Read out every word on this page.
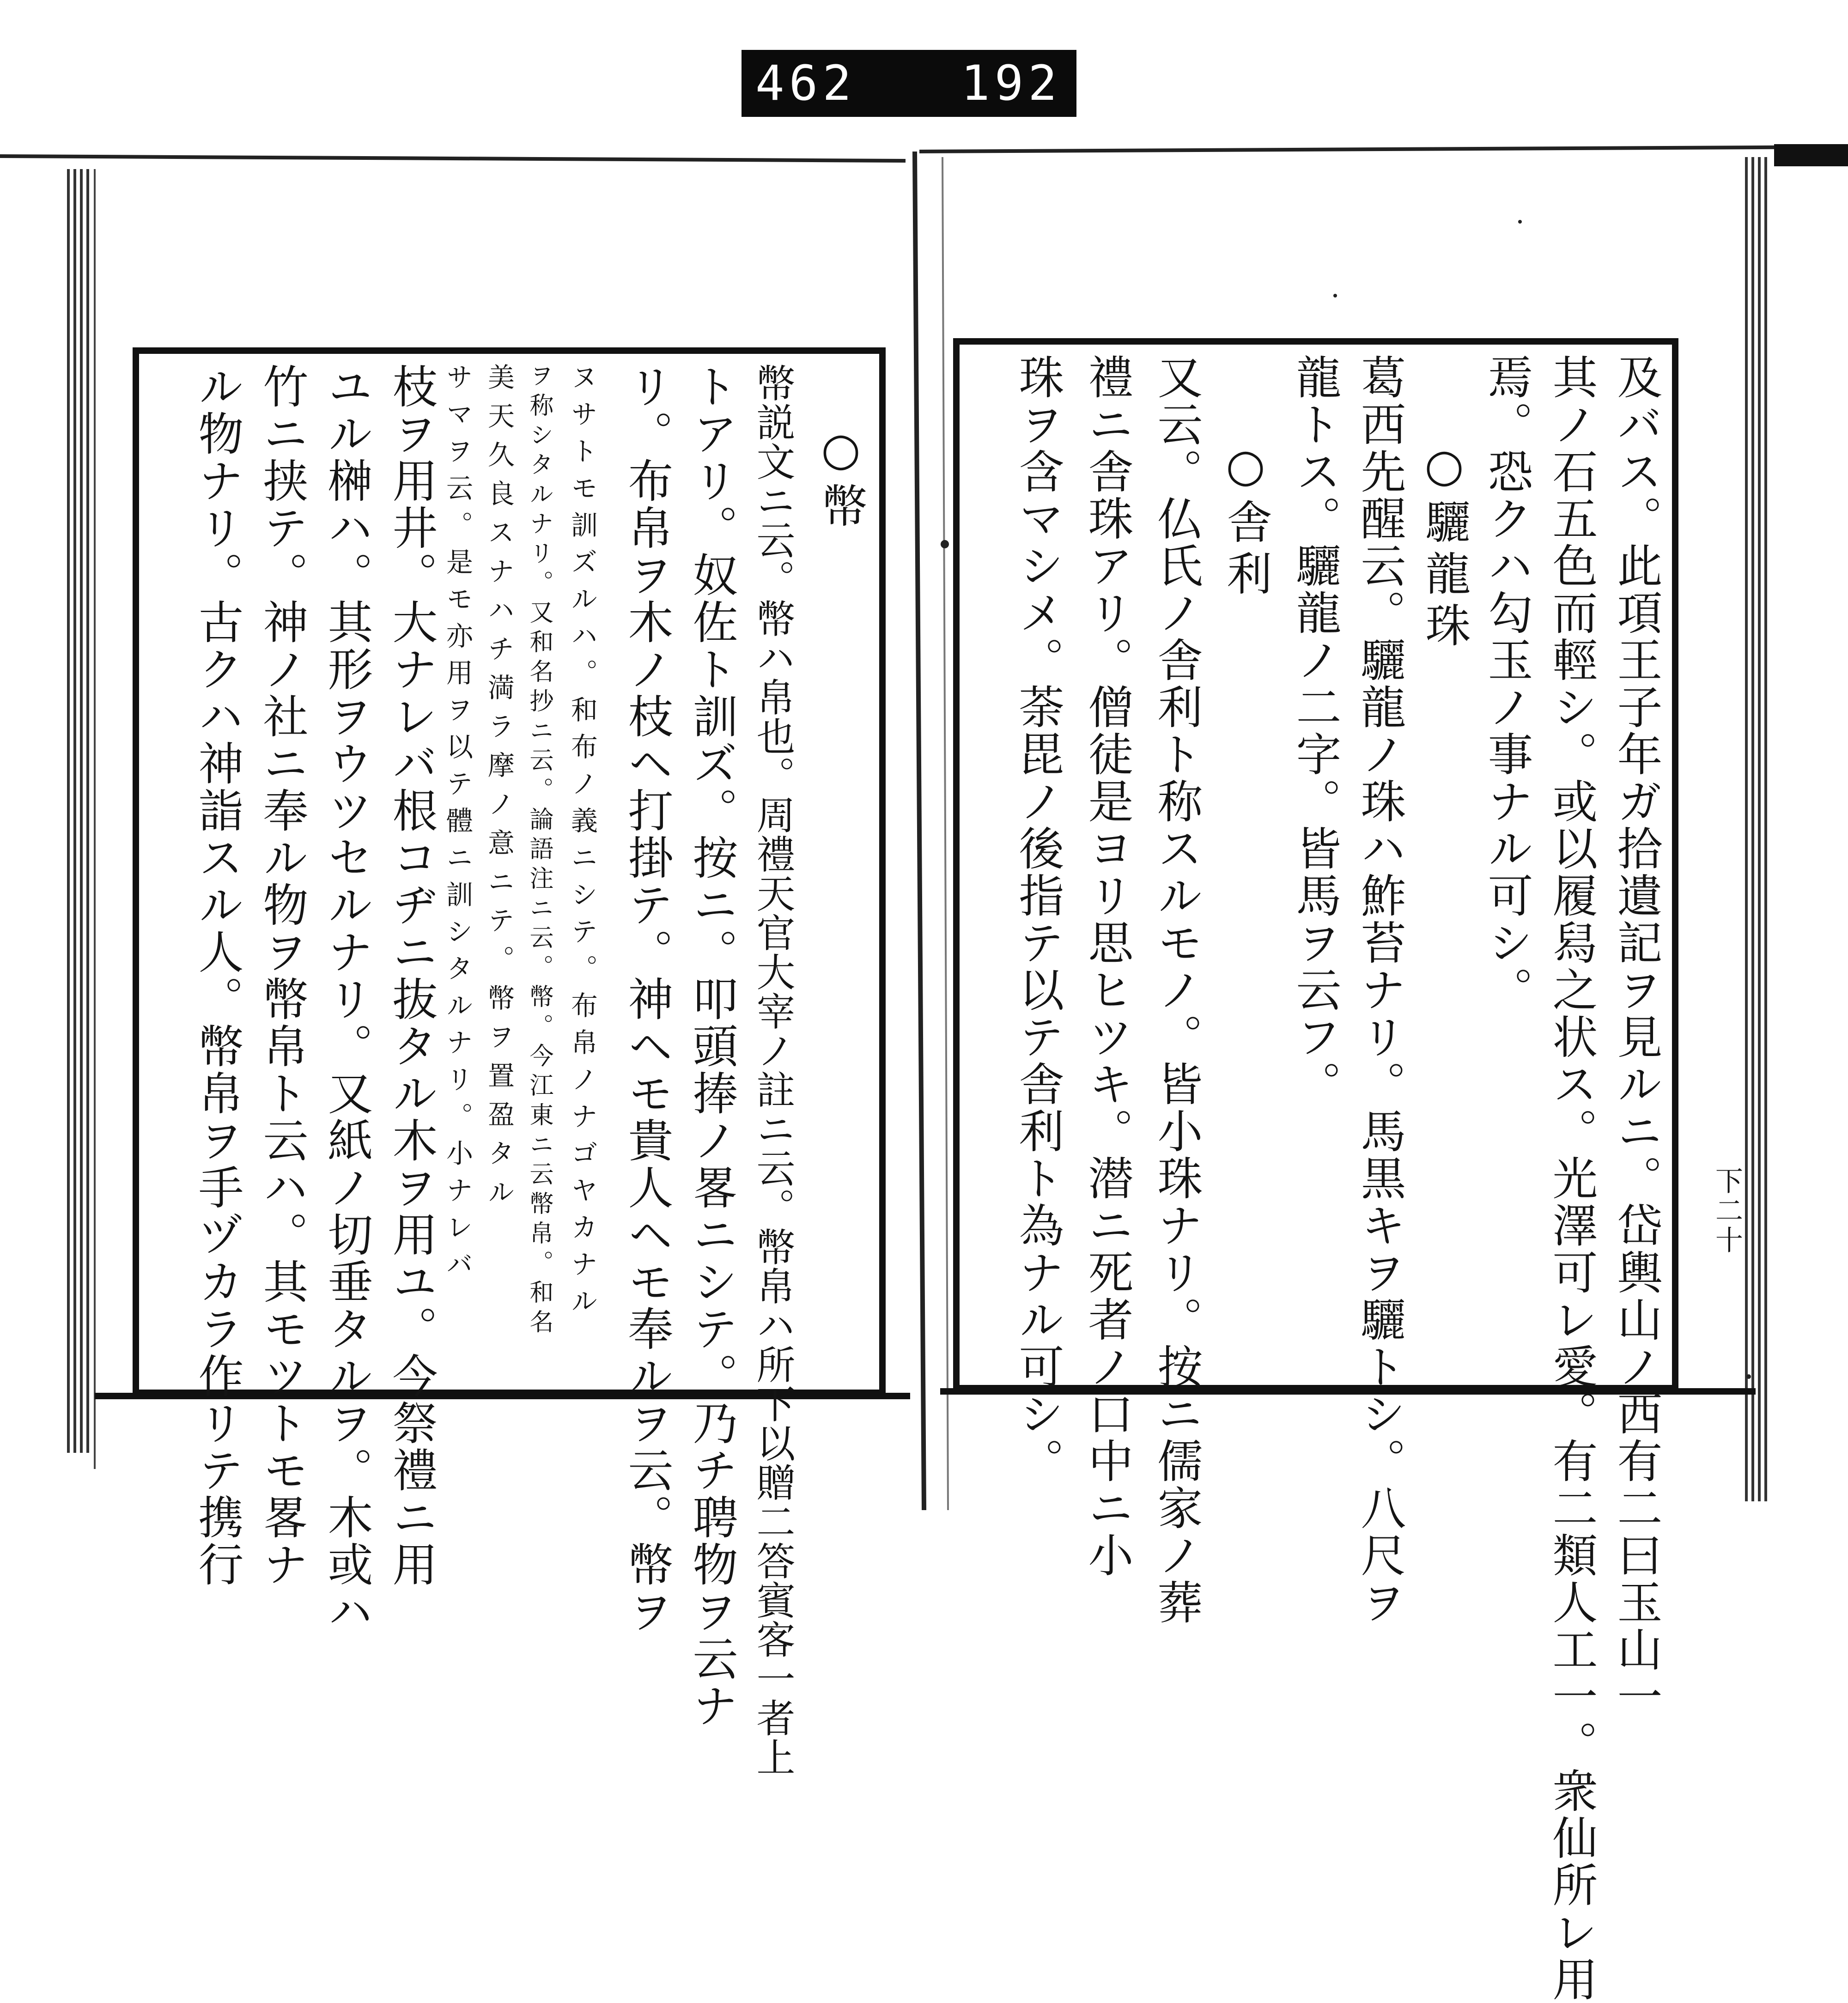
462 192
及バス。此項王子年ガ拾遺記ヲ見ルニ。岱輿山ノ西有二曰玉山一
其ノ石五色而輕シ。或以履舄之状ス。光澤可レ愛。有二類人工一。衆仙所レ用
焉。恐クハ勾玉ノ事ナル可シ。
○驪龍珠
葛西先醒云。驪龍ノ珠ハ鮓苔ナリ。馬黒キヲ驪トシ。八尺ヲ
龍トス。驪龍ノ二字。皆馬ヲ云フ。
○舎利
又云。仏氏ノ舎利ト称スルモノ。皆小珠ナリ。按ニ儒家ノ葬
禮ニ舎珠アリ。僧徒是ヨリ思ヒツキ。潜ニ死者ノ口中ニ小
珠ヲ含マシメ。荼毘ノ後指テ以テ舎利ト為ナル可シ。	下二十
○幣
幣説文ニ云。幣ハ帛也。周禮天官大宰ノ註ニ云。幣帛ハ所下以贈二答賓客一者上
トアリ。奴佐ト訓ズ。按ニ。叩頭捧ノ畧ニシテ。乃チ聘物ヲ云ナ
リ。布帛ヲ木ノ枝ヘ打掛テ。神ヘモ貴人ヘモ奉ルヲ云。幣ヲ
ヌサトモ訓ズルハ。和布ノ義ニシテ。布帛ノナゴヤカナル
ヲ称シタルナリ。又和名抄ニ云。論語注ニ云。幣。今江東ニ云幣帛。和名
美天久良スナハチ満ラ摩ノ意ニテ。幣ヲ置盈タル
サマヲ云。是モ亦用ヲ以テ體ニ訓シタルナリ。小ナレバ
枝ヲ用井。大ナレバ根コヂニ抜タル木ヲ用ユ。今祭禮ニ用
ユル榊ハ。其形ヲウツセルナリ。又紙ノ切垂タルヲ。木或ハ
竹ニ挟テ。神ノ社ニ奉ル物ヲ幣帛ト云ハ。其モツトモ畧ナ
ル物ナリ。古クハ神詣スル人。幣帛ヲ手ヅカラ作リテ携行
